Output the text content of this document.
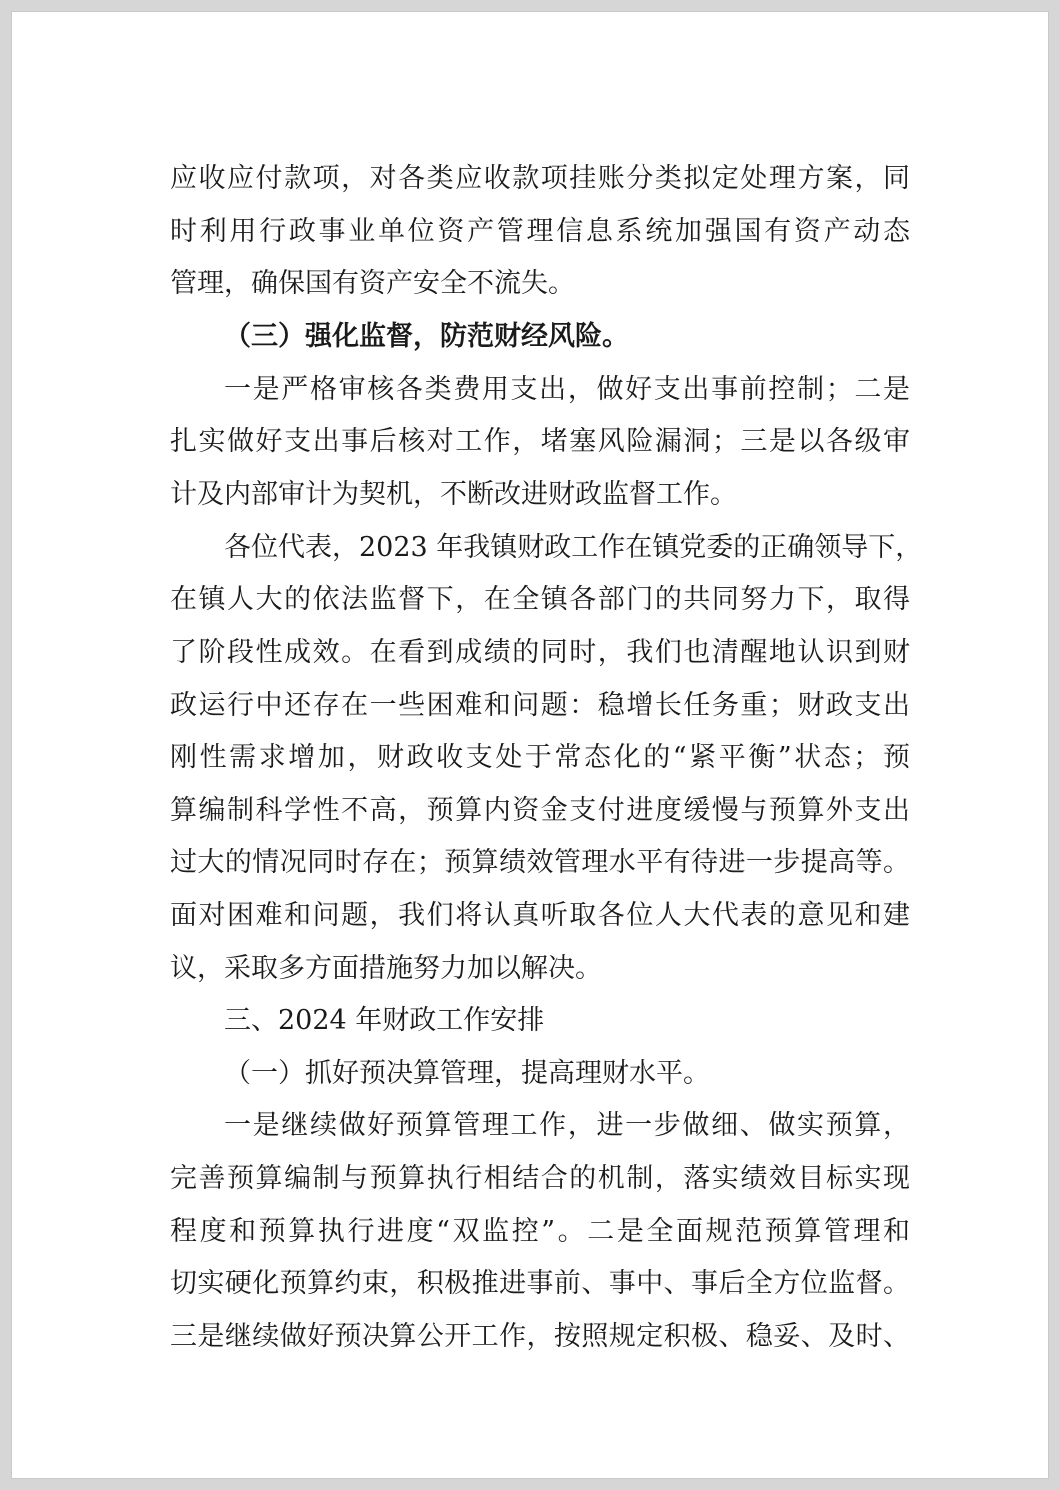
应收应付款项，对各类应收款项挂账分类拟定处理方案，同
时利用行政事业单位资产管理信息系统加强国有资产动态
管理，确保国有资产安全不流失。
（三）强化监督，防范财经风险。
一是严格审核各类费用支出，做好支出事前控制；二是
扎实做好支出事后核对工作，堵塞风险漏洞；三是以各级审
计及内部审计为契机，不断改进财政监督工作。
各位代表，2023 年我镇财政工作在镇党委的正确领导下，
在镇人大的依法监督下，在全镇各部门的共同努力下，取得
了阶段性成效。在看到成绩的同时，我们也清醒地认识到财
政运行中还存在一些困难和问题：稳增长任务重；财政支出
刚性需求增加，财政收支处于常态化的“紧平衡”状态；预
算编制科学性不高，预算内资金支付进度缓慢与预算外支出
过大的情况同时存在；预算绩效管理水平有待进一步提高等。
面对困难和问题，我们将认真听取各位人大代表的意见和建
议，采取多方面措施努力加以解决。
三、2024 年财政工作安排
（一）抓好预决算管理，提高理财水平。
一是继续做好预算管理工作，进一步做细、做实预算，
完善预算编制与预算执行相结合的机制，落实绩效目标实现
程度和预算执行进度“双监控”。二是全面规范预算管理和
切实硬化预算约束，积极推进事前、事中、事后全方位监督。
三是继续做好预决算公开工作，按照规定积极、稳妥、及时、
